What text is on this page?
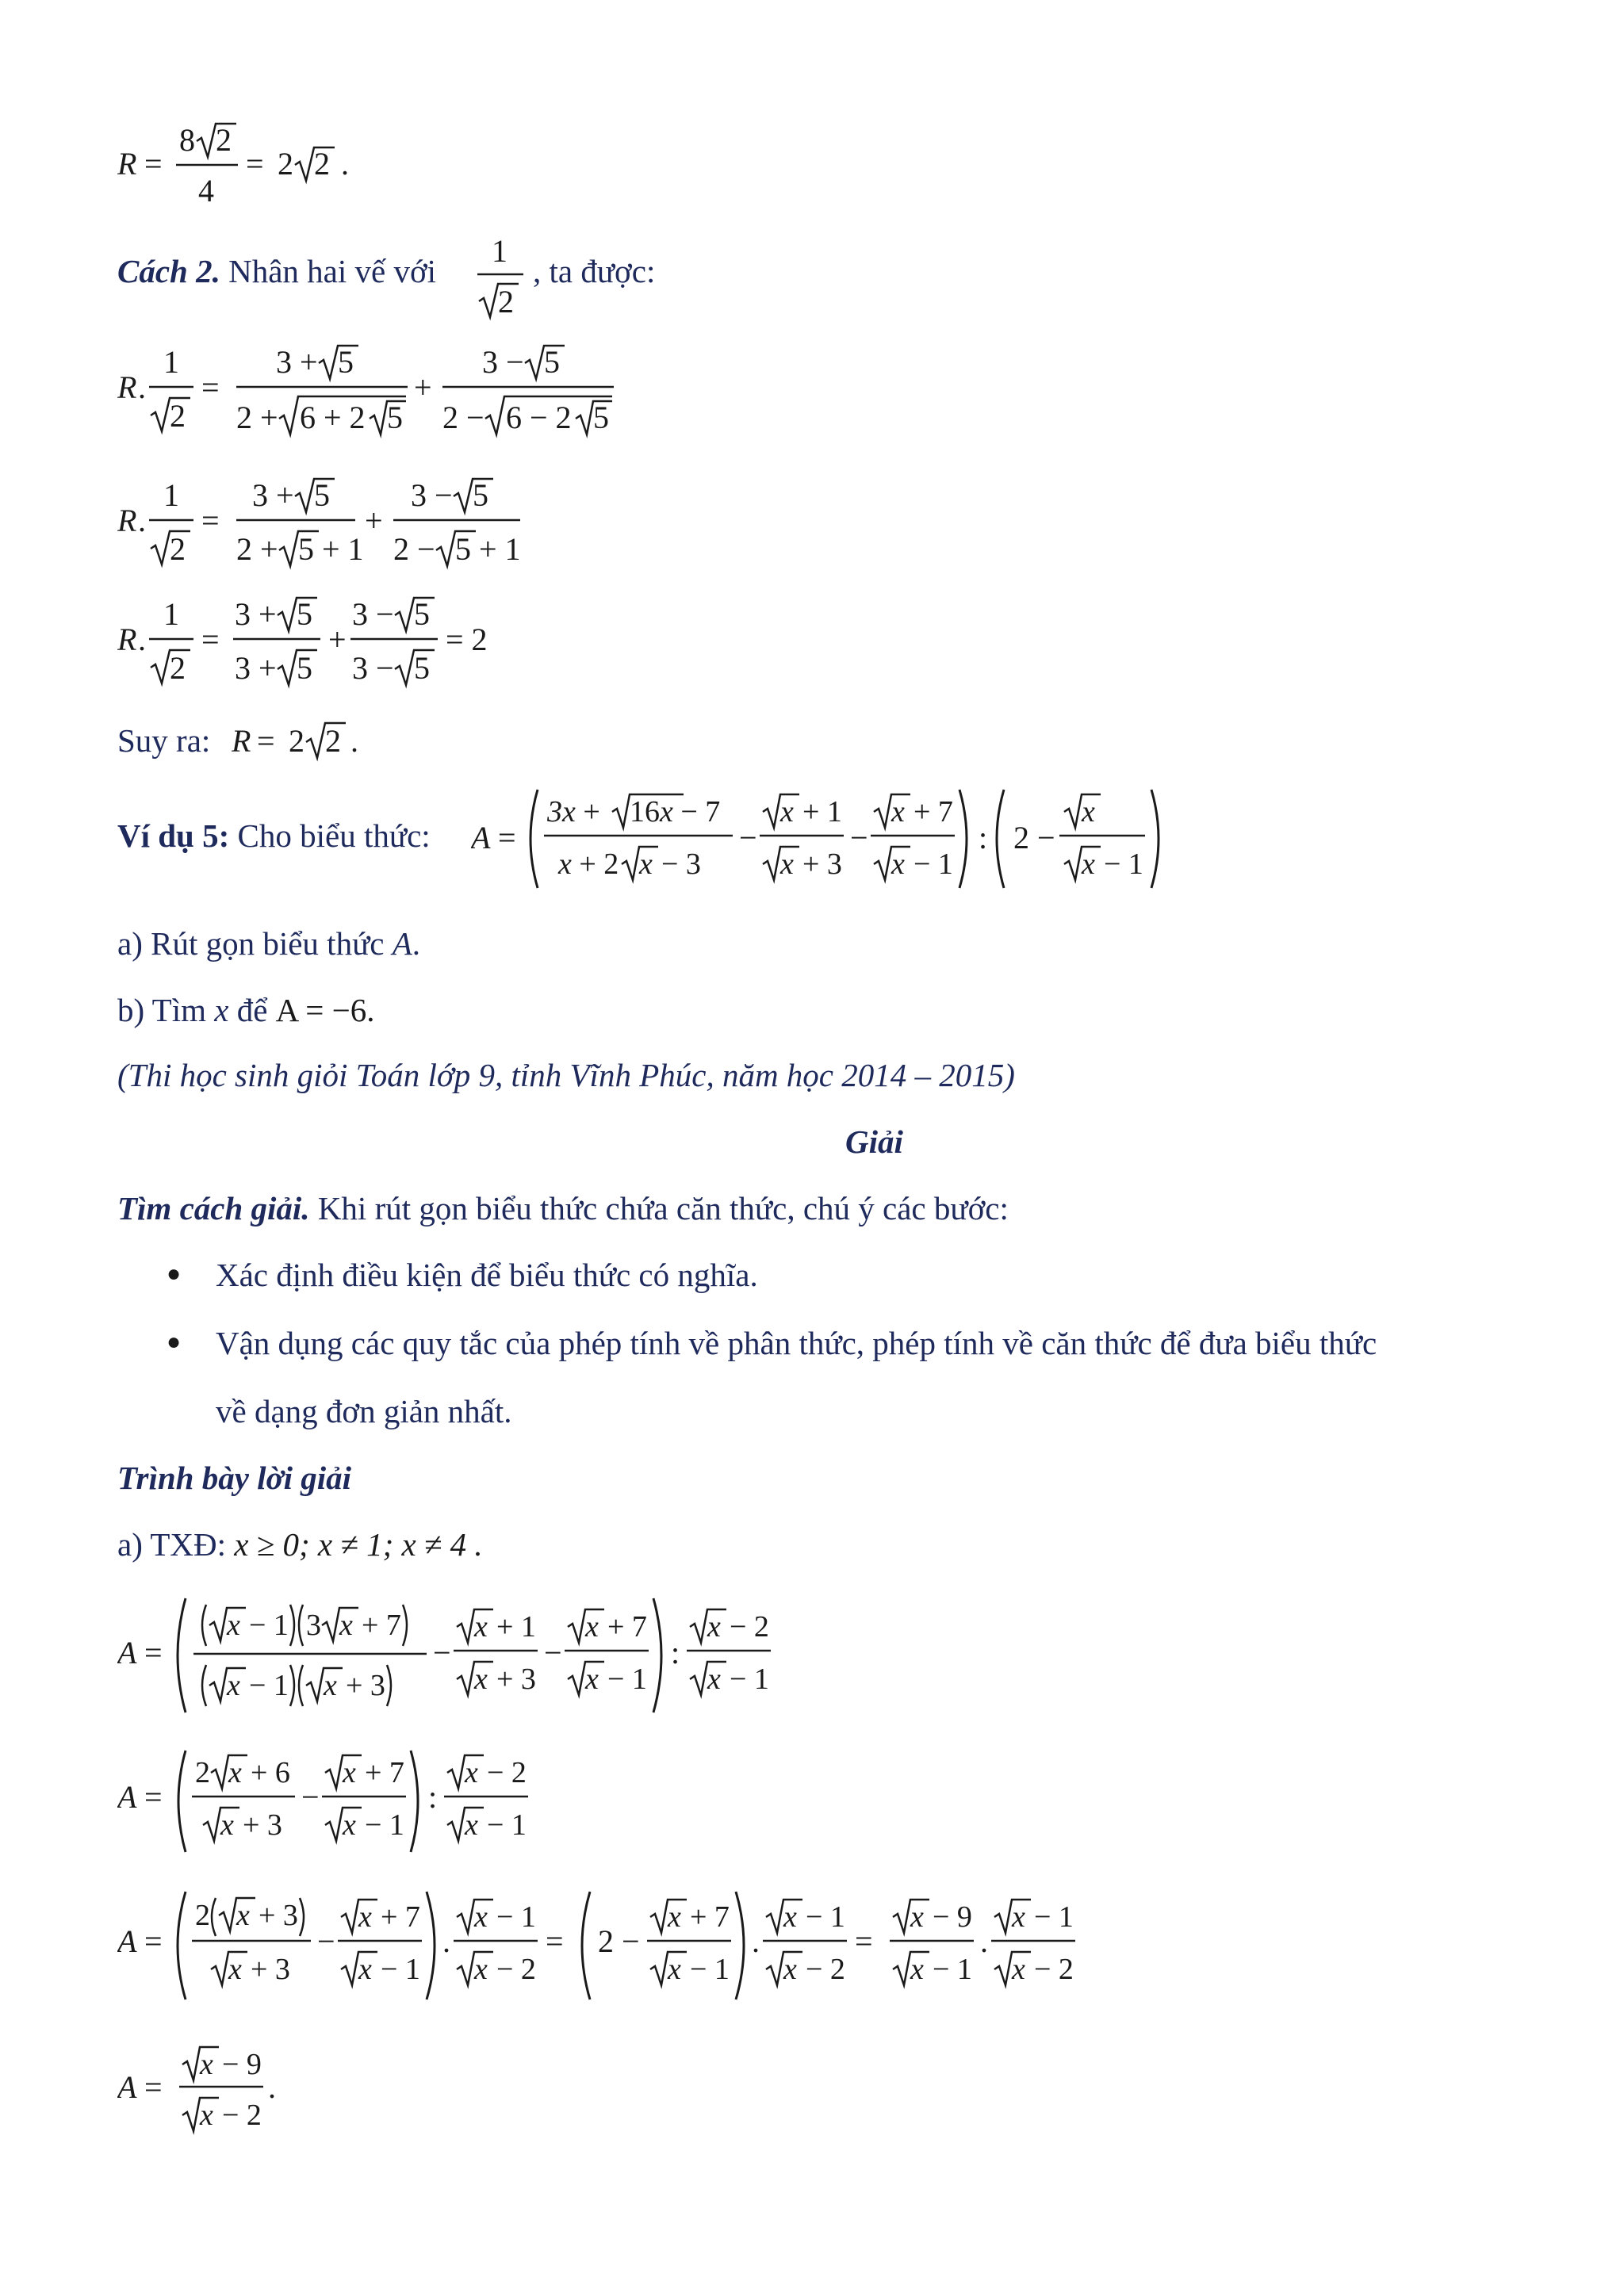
R =
8 2
4
= 2 2 .
Cách 2. Nhân hai vế với
1
2
, ta được:
R .
1
2
=
3 + 5
2 + 6 + 2 5
+
3 − 5
2 − 6 − 2 5
R .
1
2
=
3 + 5
2 + 5 + 1
+
3 − 5
2 − 5 + 1
R .
1
2
=
3 + 5
3 + 5
+
3 − 5
3 − 5
= 2
Suy ra: R = 2 2 .
Ví dụ 5: Cho biểu thức: A =
3x + 16x − 7
x + 2 x − 3
−
x + 1
x + 3
−
x + 7
x − 1
: 2 −
x
x − 1
a) Rút gọn biểu thức A.
b) Tìm x để A = −6.
(Thi học sinh giỏi Toán lớp 9, tỉnh Vĩnh Phúc, năm học 2014 – 2015)
Giải
Tìm cách giải. Khi rút gọn biểu thức chứa căn thức, chú ý các bước:
● Xác định điều kiện để biểu thức có nghĩa.
● Vận dụng các quy tắc của phép tính về phân thức, phép tính về căn thức để đưa biểu thức
về dạng đơn giản nhất.
Trình bày lời giải
a) TXĐ: x ≥ 0; x ≠ 1; x ≠ 4 .
A =
x − 1 3 x + 7
x − 1 x + 3
−
x + 1
x + 3
−
x + 7
x − 1
:
x − 2
x − 1
A =
2 x + 6
x + 3
−
x + 7
x − 1
:
x − 2
x − 1
A =
2 x + 3
x + 3
−
x + 7
x − 1
.
x − 1
x − 2
= 2 −
x + 7
x − 1
.
x − 1
x − 2
=
x − 9
x − 1
.
x − 1
x − 2
A =
x − 9
x − 2
.
